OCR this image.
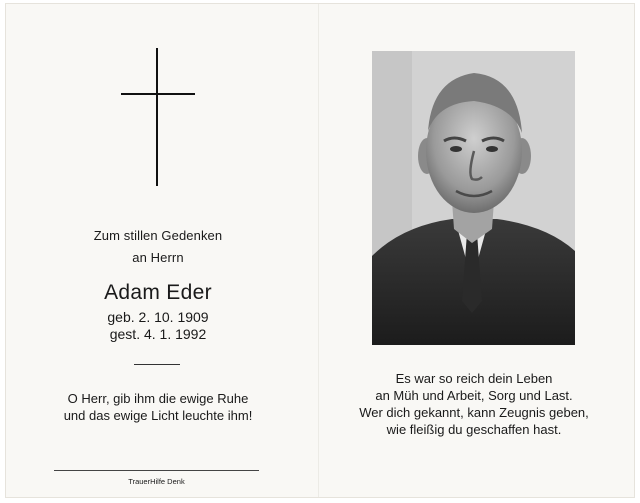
Zum stillen Gedenken
an Herrn
Adam Eder
geb. 2. 10. 1909
gest. 4. 1. 1992
O Herr, gib ihm die ewige Ruhe
und das ewige Licht leuchte ihm!
TrauerHilfe Denk
Es war so reich dein Leben
an Müh und Arbeit, Sorg und Last.
Wer dich gekannt, kann Zeugnis geben,
wie fleißig du geschaffen hast.
